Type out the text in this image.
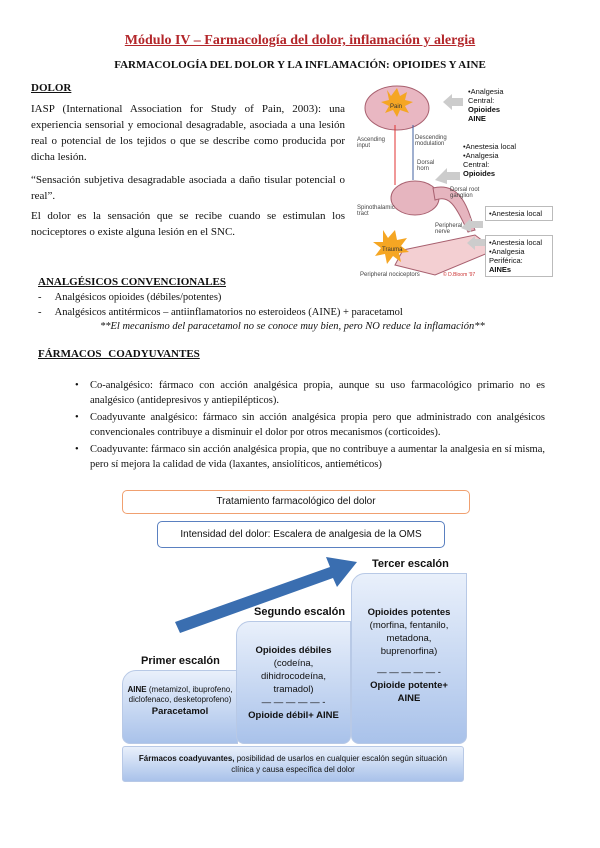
Módulo IV – Farmacología del dolor, inflamación y alergia
FARMACOLOGÍA DEL DOLOR Y LA INFLAMACIÓN: OPIOIDES Y AINE
DOLOR
IASP (International Association for Study of Pain, 2003): una experiencia sensorial y emocional desagradable, asociada a una lesión real o potencial de los tejidos o que se describe como producida por dicha lesión.
“Sensación subjetiva desagradable asociada a daño tisular potencial o real”.
El dolor es la sensación que se recibe cuando se estimulan los nociceptores o existe alguna lesión en el SNC.
Pain
Trauma
Ascending input
Descending modulation
Dorsal horn
Dorsal root ganglion
Spinothalamic tract
Peripheral nerve
Peripheral nociceptors	© D.Bloom '97
•Analgesia
Central:
Opioides
AINE
•Anestesia local
•Analgesia
Central:
Opioides
•Anestesia local
•Anestesia local
•Analgesia
Periférica:
AINEs
ANALGÉSICOS CONVENCIONALES
-     Analgésicos opioides (débiles/potentes)
-     Analgésicos antitérmicos – antiinflamatorios no esteroideos (AINE) + paracetamol
**El mecanismo del paracetamol no se conoce muy bien, pero NO reduce la inflamación**
FÁRMACOS COADYUVANTES
• Co-analgésico: fármaco con acción analgésica propia, aunque su uso farmacológico primario no es analgésico (antidepresivos y antiepilépticos).
• Coadyuvante analgésico: fármaco sin acción analgésica propia pero que administrado con analgésicos convencionales contribuye a disminuir el dolor por otros mecanismos (corticoides).
• Coadyuvante: fármaco sin acción analgésica propia, que no contribuye a aumentar la analgesia en sí misma, pero sí mejora la calidad de vida (laxantes, ansiolíticos, antieméticos)
Tratamiento farmacológico del dolor
Intensidad del dolor: Escalera de analgesia de la OMS
Tercer escalón
Segundo escalón
Primer escalón
AINE (metamizol, ibuprofeno, diclofenaco, desketoprofeno)
Paracetamol
Opioides débiles
(codeína, dihidrocodeína, tramadol)
— — — — — -
Opioide débil+ AINE
Opioides potentes
(morfina, fentanilo, metadona, buprenorfina)
— — — — — -
Opioide potente+ AINE
Fármacos coadyuvantes, posibilidad de usarlos en cualquier escalón según situación clínica y causa específica del dolor
